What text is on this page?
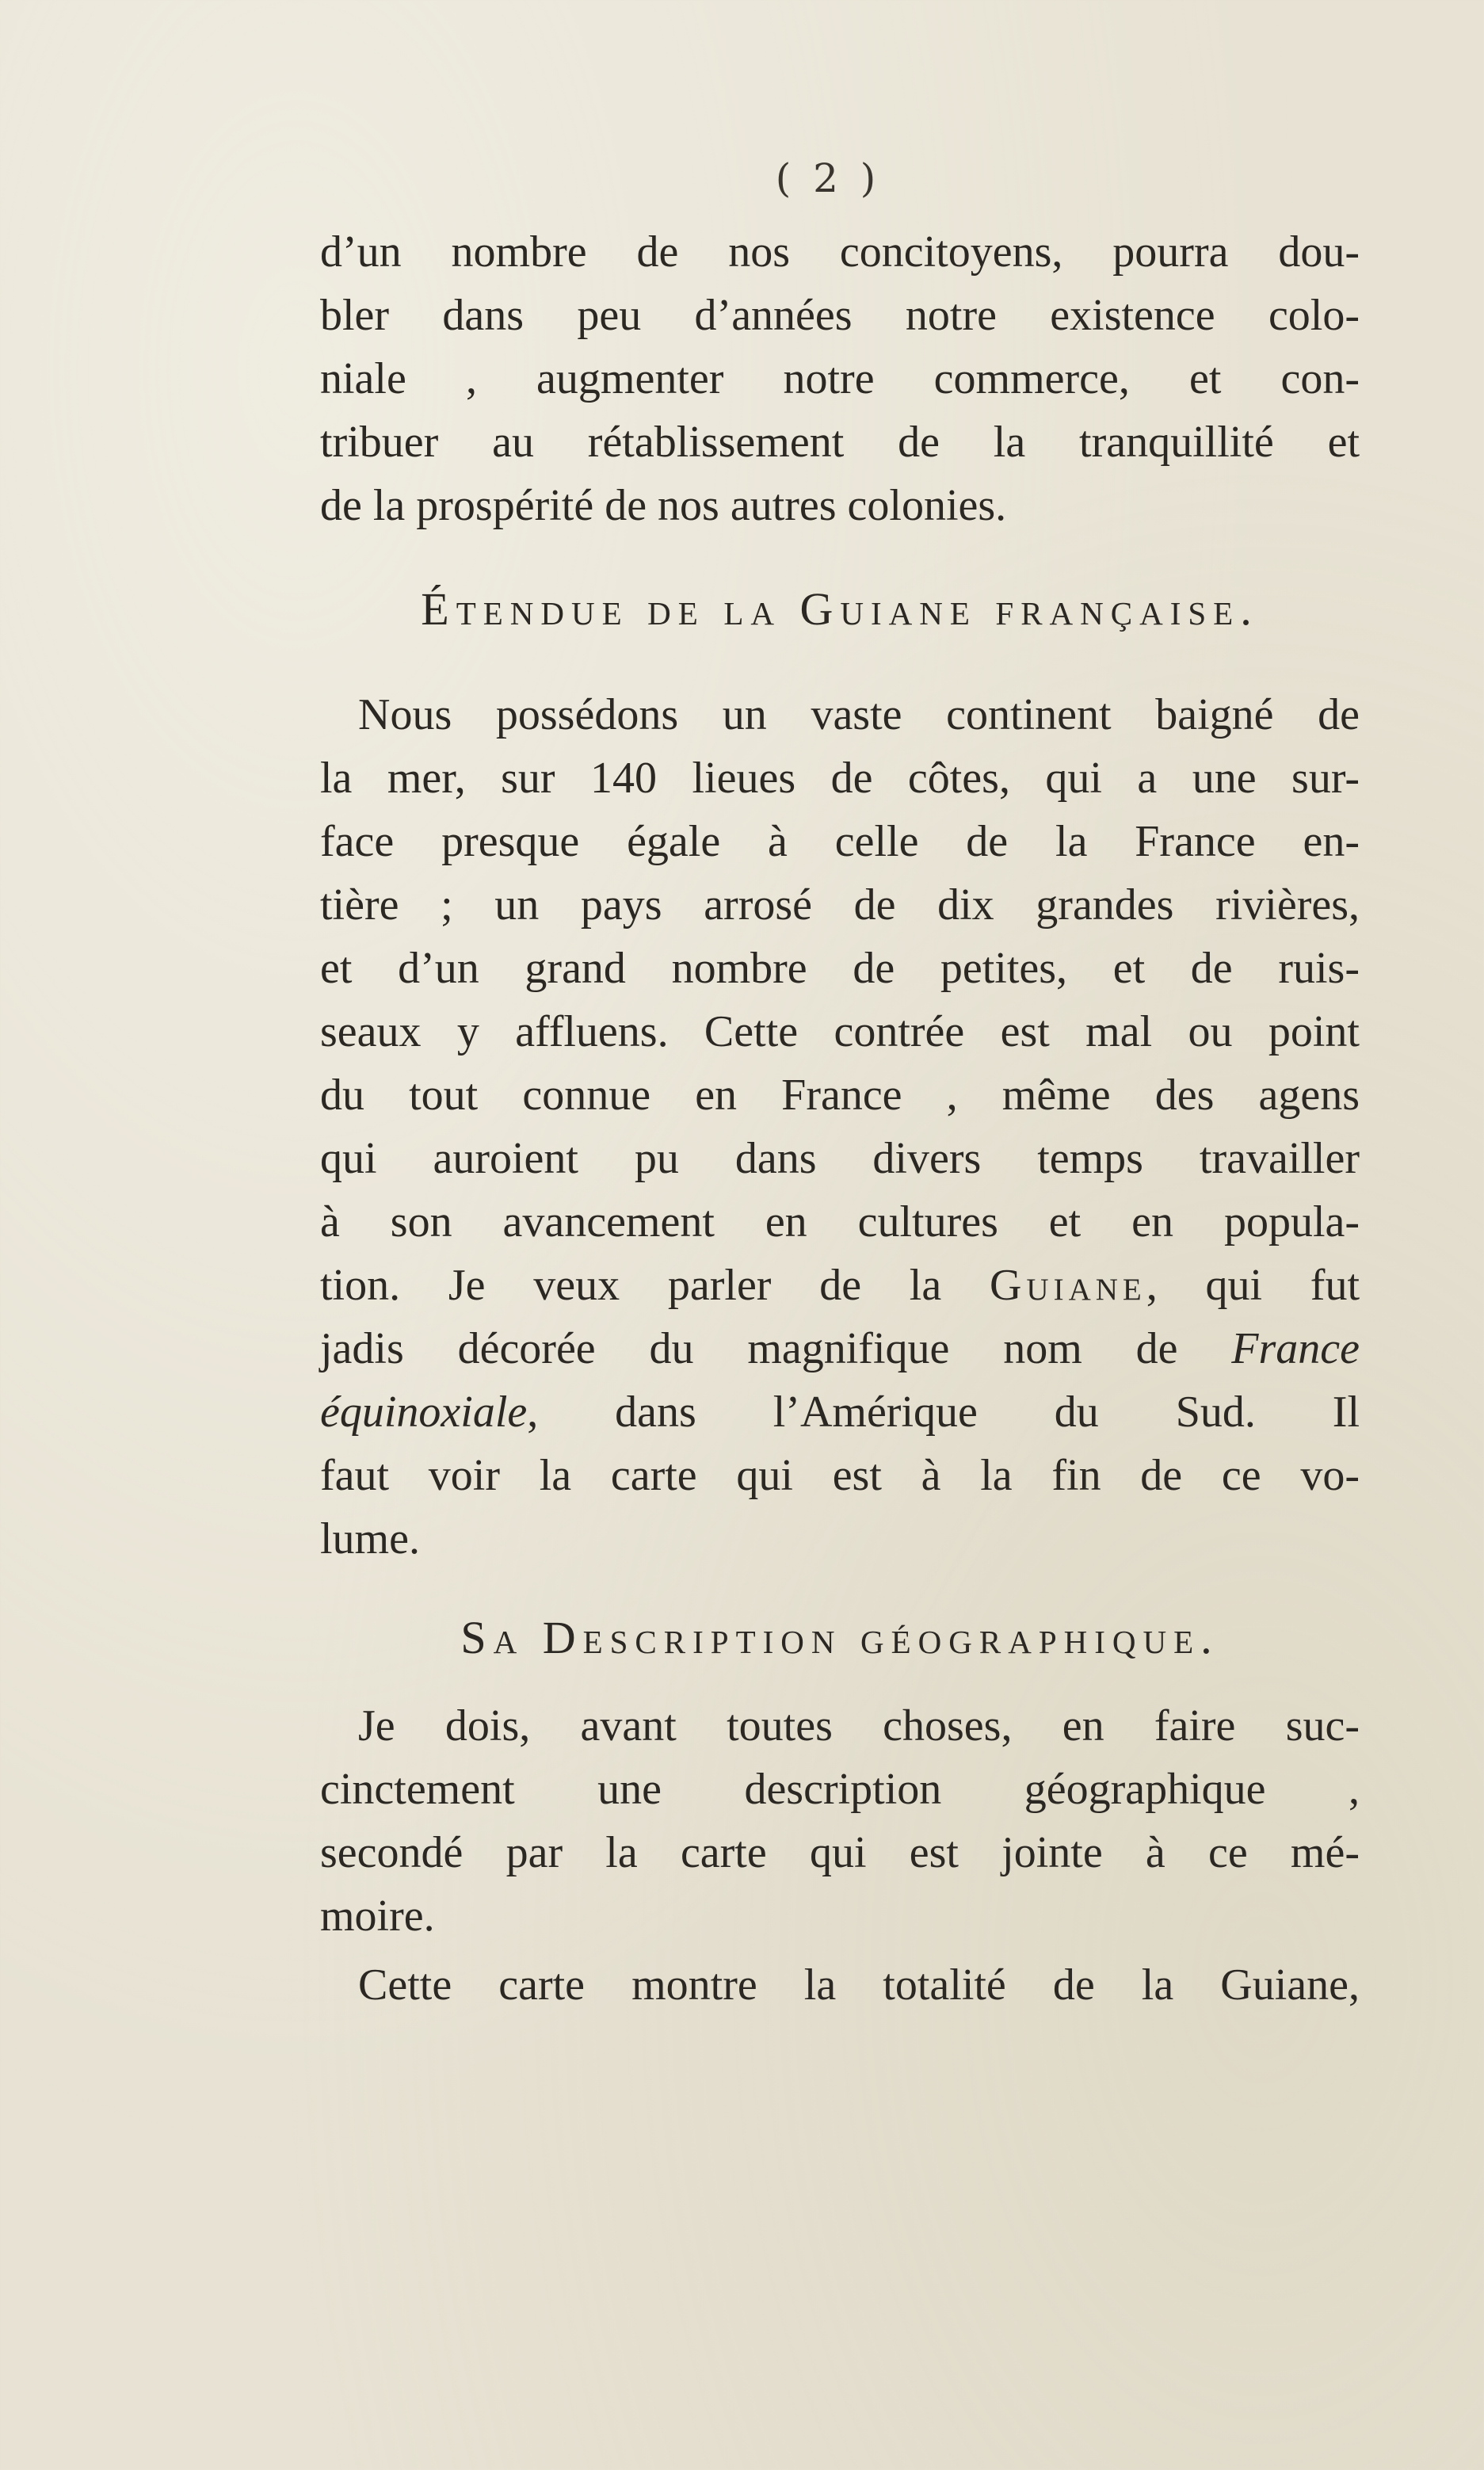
( 2 )
d’un nombre de nos concitoyens, pourra dou-
bler dans peu d’années notre existence colo-
niale , augmenter notre commerce, et con-
tribuer au rétablissement de la tranquillité et
de la prospérité de nos autres colonies.
Étendue de la Guiane française.
Nous possédons un vaste continent baigné de
la mer, sur 140 lieues de côtes, qui a une sur-
face presque égale à celle de la France en-
tière ; un pays arrosé de dix grandes rivières,
et d’un grand nombre de petites, et de ruis-
seaux y affluens. Cette contrée est mal ou point
du tout connue en France , même des agens
qui auroient pu dans divers temps travailler
à son avancement en cultures et en popula-
tion. Je veux parler de la Guiane, qui fut
jadis décorée du magnifique nom de France
équinoxiale, dans l’Amérique du Sud. Il
faut voir la carte qui est à la fin de ce vo-
lume.
Sa Description géographique.
Je dois, avant toutes choses, en faire suc-
cinctement une description géographique ,
secondé par la carte qui est jointe à ce mé-
moire.
Cette carte montre la totalité de la Guiane,
